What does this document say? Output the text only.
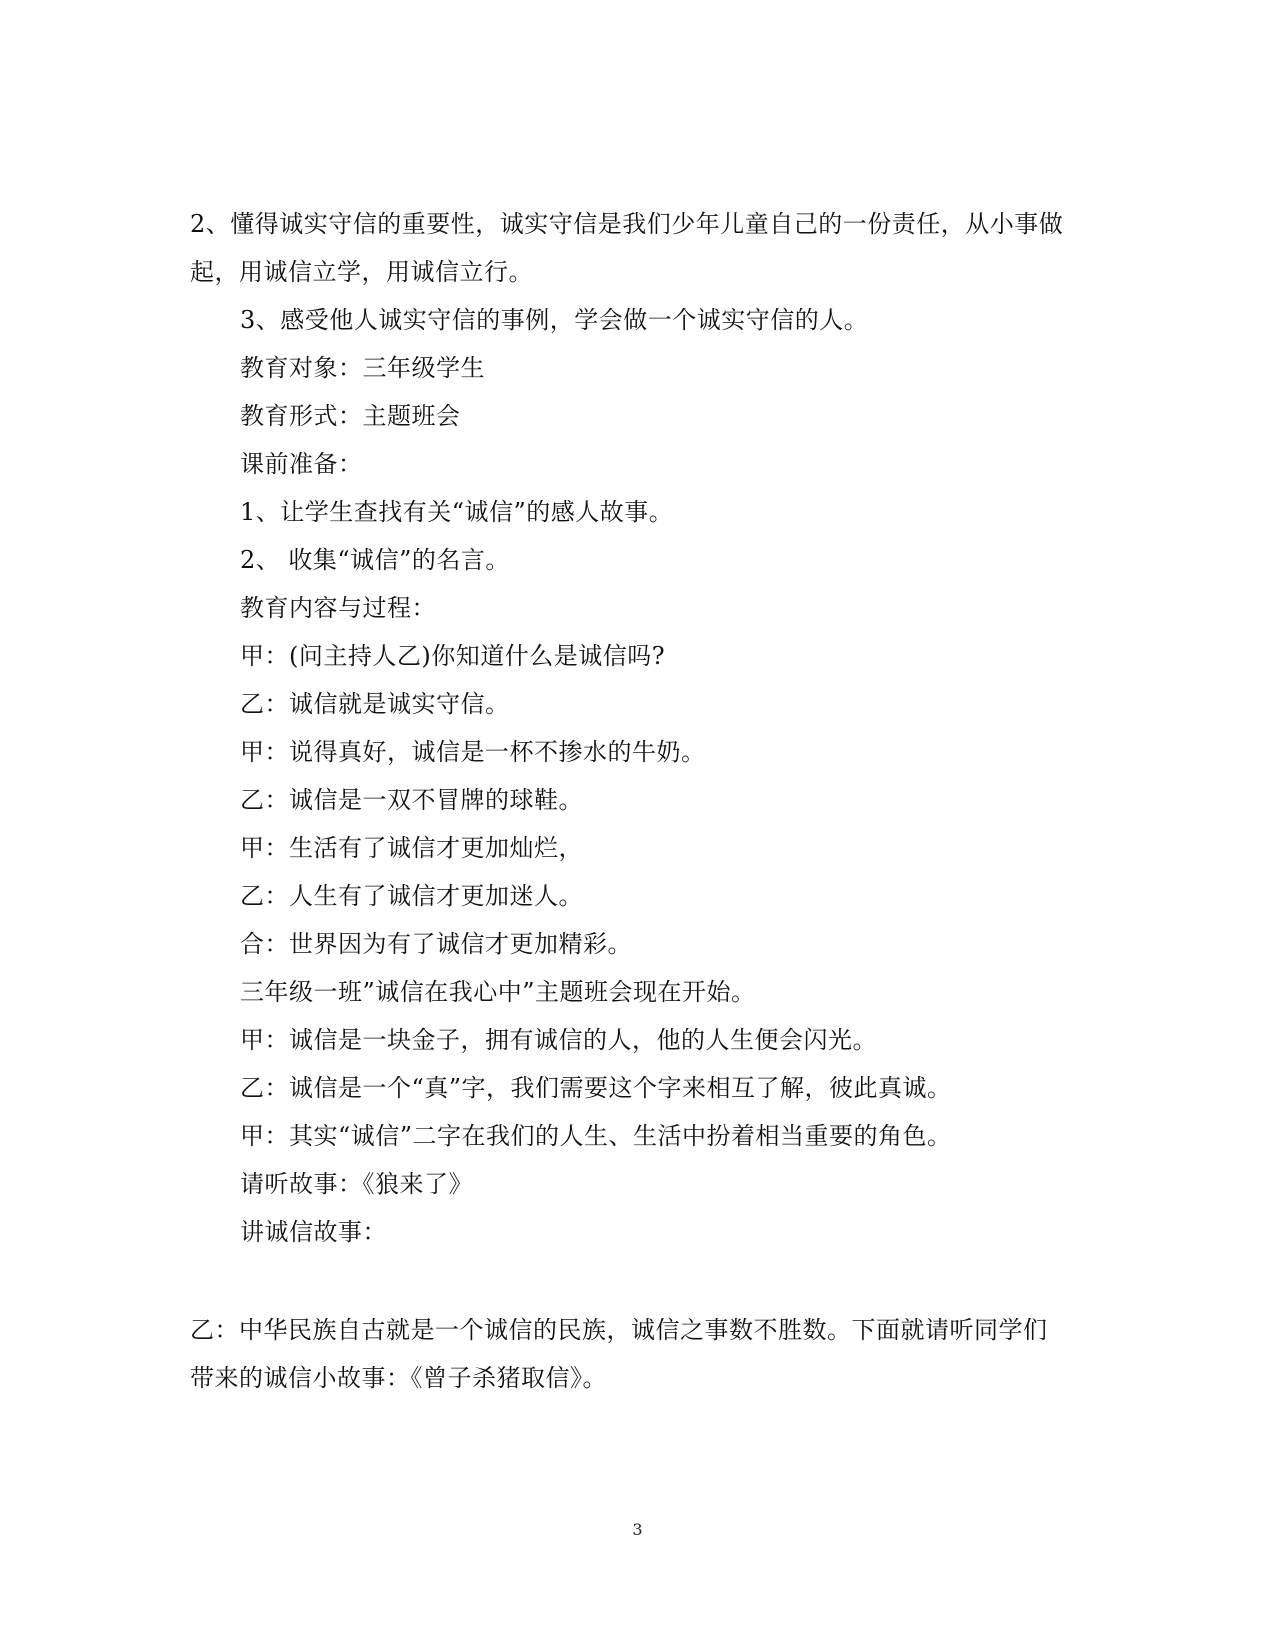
2、懂得诚实守信的重要性，诚实守信是我们少年儿童自己的一份责任，从小事做

起，用诚信立学，用诚信立行。

3、感受他人诚实守信的事例，学会做一个诚实守信的人。

教育对象：三年级学生

教育形式：主题班会

课前准备：

1、让学生查找有关“诚信”的感人故事。

2、 收集“诚信”的名言。

教育内容与过程：

甲：(问主持人乙)你知道什么是诚信吗?

乙：诚信就是诚实守信。

甲：说得真好，诚信是一杯不掺水的牛奶。

乙：诚信是一双不冒牌的球鞋。

甲：生活有了诚信才更加灿烂，

乙：人生有了诚信才更加迷人。

合：世界因为有了诚信才更加精彩。

三年级一班”诚信在我心中”主题班会现在开始。

甲：诚信是一块金子，拥有诚信的人，他的人生便会闪光。

乙：诚信是一个“真”字，我们需要这个字来相互了解，彼此真诚。

甲：其实“诚信”二字在我们的人生、生活中扮着相当重要的角色。

请听故事：《狼来了》

讲诚信故事：

乙：中华民族自古就是一个诚信的民族，诚信之事数不胜数。下面就请听同学们

带来的诚信小故事：《曾子杀猪取信》。

3
